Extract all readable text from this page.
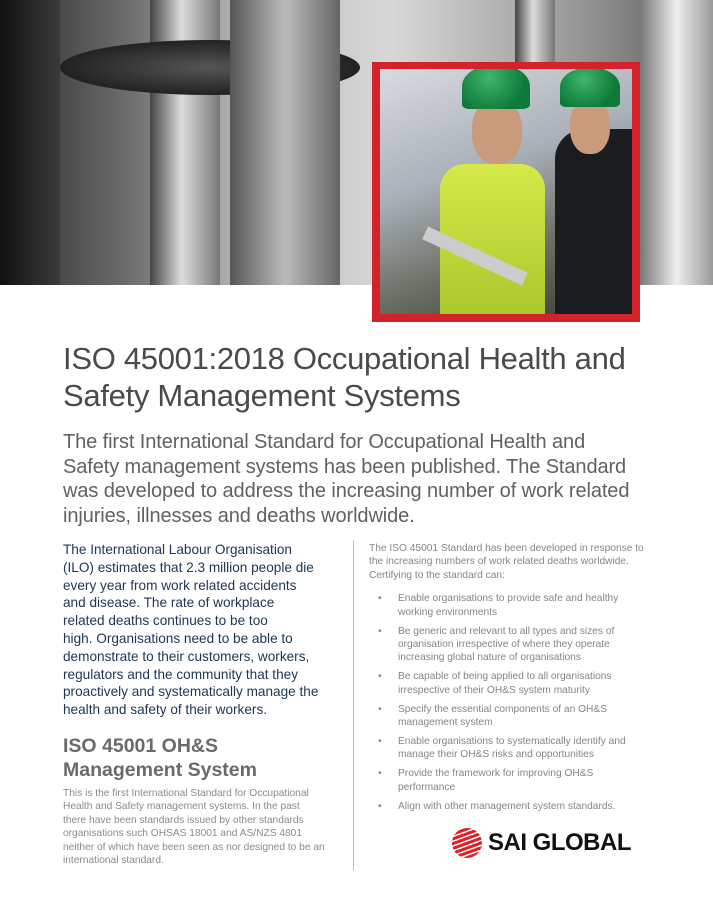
ISO 45001:2018 Occupational Health and
Safety Management Systems

The first International Standard for Occupational Health and
Safety management systems has been published. The Standard
was developed to address the increasing number of work related
injuries, illnesses and deaths worldwide.

The International Labour Organisation
(ILO) estimates that 2.3 million people die
every year from work related accidents
and disease. The rate of workplace
related deaths continues to be too
high. Organisations need to be able to
demonstrate to their customers, workers,
regulators and the community that they
proactively and systematically manage the
health and safety of their workers.

ISO 45001 OH&S
Management System

This is the first International Standard for Occupational
Health and Safety management systems. In the past
there have been standards issued by other standards
organisations such OHSAS 18001 and AS/NZS 4801
neither of which have been seen as nor designed to be an
international standard.

The ISO 45001 Standard has been developed in response to
the increasing numbers of work related deaths worldwide.
Certifying to the standard can:

• Enable organisations to provide safe and healthy
working environments
• Be generic and relevant to all types and sizes of
organisation irrespective of where they operate
increasing global nature of organisations
• Be capable of being applied to all organisations
irrespective of their OH&S system maturity
• Specify the essential components of an OH&S
management system
• Enable organisations to systematically identify and
manage their OH&S risks and opportunities
• Provide the framework for improving OH&S
performance
• Align with other management system standards.
SAI GLOBAL
